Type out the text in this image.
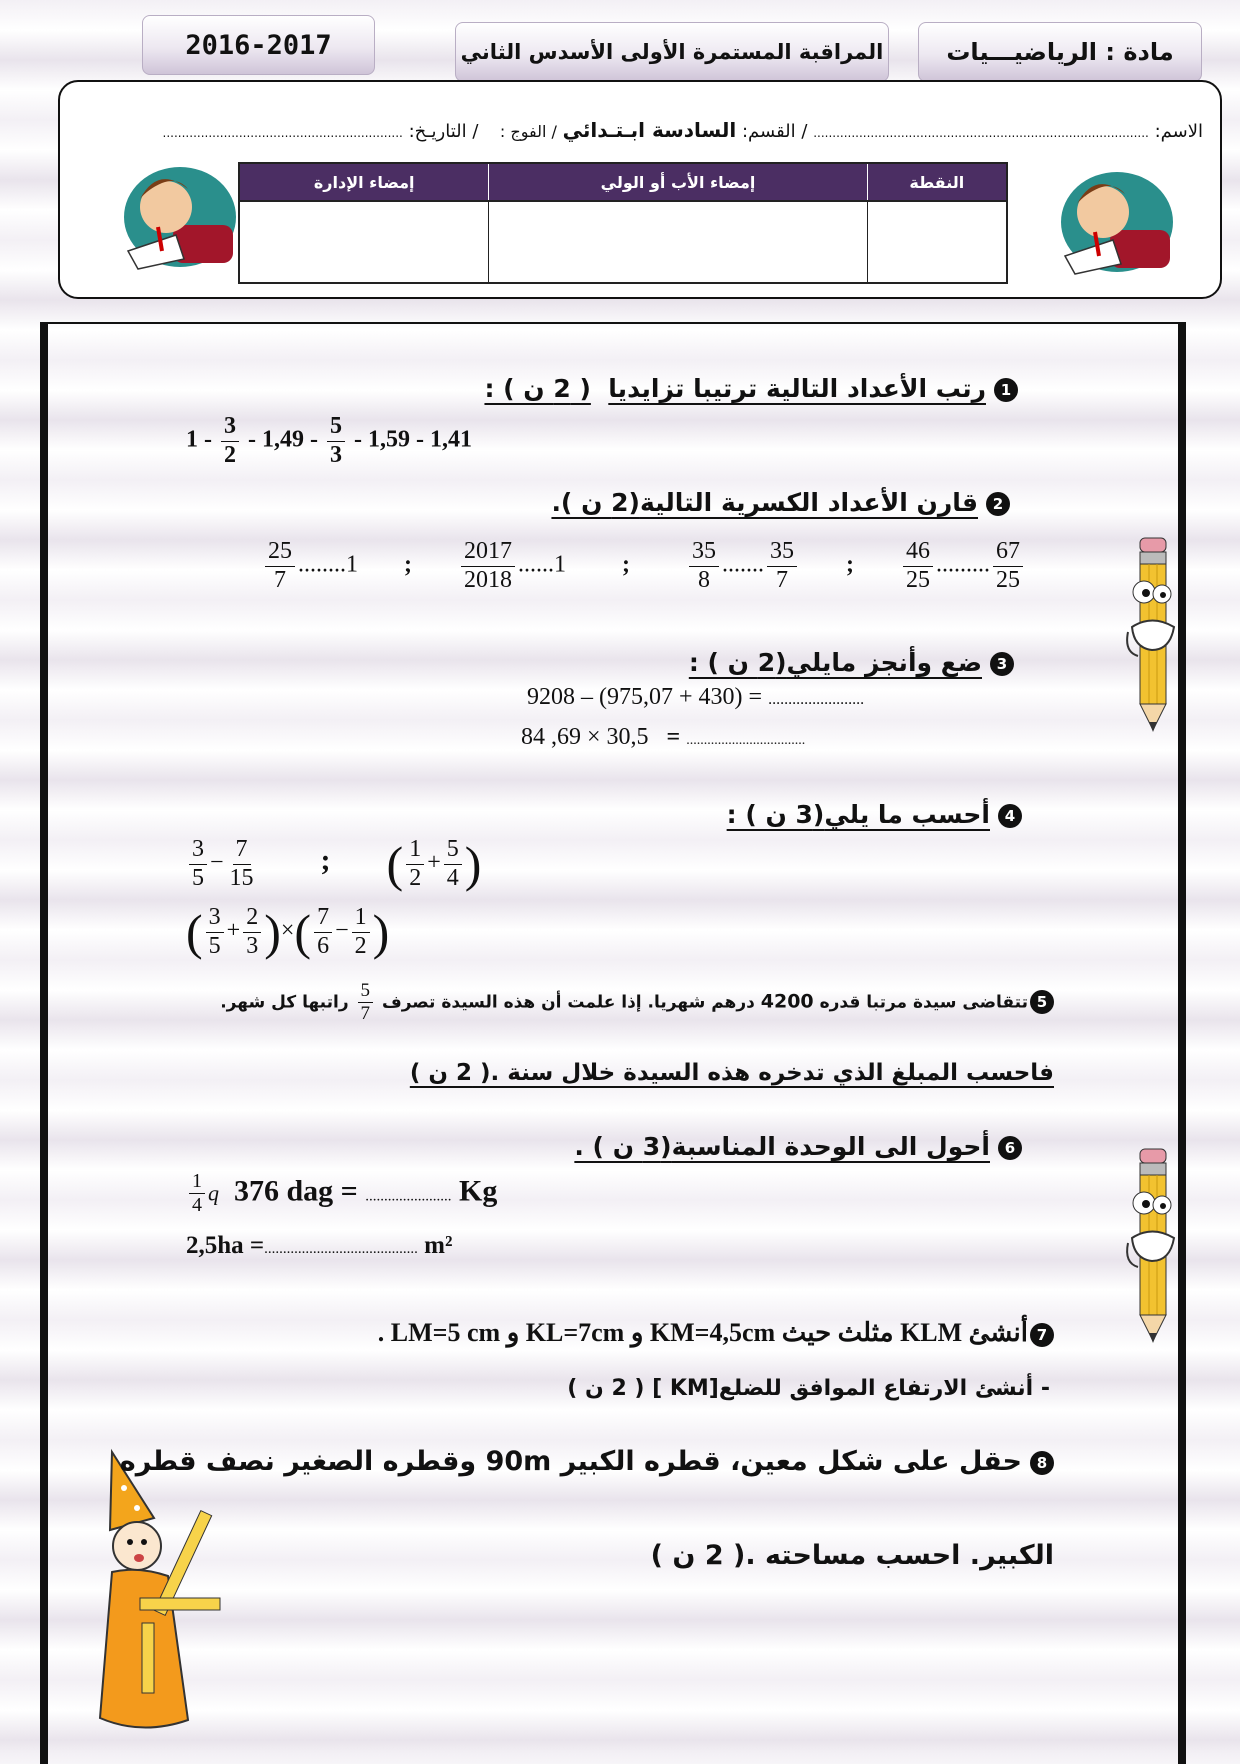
2016-2017	المراقبة المستمرة الأولى الأسدس الثاني	مادة : الرياضيـــيات
الاسم: ........................................................................................ / القسم: السادسة ابـتـدائي / الفوج :  / التاريـخ: ...............................................................
النقطة	إمضاء الأب أو الولي	إمضاء الإدارة

1رتب الأعداد التالية ترتيبا تزايديا  ( 2 ن ) :
$1 - \frac{3}{2} - 1,49 - \frac{5}{3} - 1,59 - 1,41$
2قارن الأعداد الكسرية التالية(2 ن ).
$\frac{25}{7} ........1$ ; $\frac{2017}{2018} ......1$ ; $\frac{35}{8}$ ....... $\frac{35}{7}$ ; $\frac{46}{25}$ ......... $\frac{67}{25}$
3ضع وأنجز مايلي(2 ن ) :
9208 – (975,07 + 430) = ........................
84 ,69 × 30,5 = ..................................
4أحسب ما يلي(3 ن ) :
$\frac{3}{5} - \frac{7}{15}$ ; ( $\frac{1}{2} + \frac{5}{4}$ )
( $\frac{3}{5} + \frac{2}{3}$ )×( $\frac{7}{6} - \frac{1}{2}$ )
5تتقاضى سيدة مرتبا قدره 4200 درهم شهريا. إذا علمت أن هذه السيدة تصرف
$\frac{5}{7}$
راتبها كل شهر.
فاحسب المبلغ الذي تدخره هذه السيدة خلال سنة .( 2 ن )
6أحول الى الوحدة المناسبة(3 ن ) .
$\frac{1}{4}$ q 376 dag = ....................... Kg
2,5ha =......................................... m²
7أنشئ KLM مثلث حيث KM=4,5cm و KL=7cm و LM=5 cm .
- أنشئ الارتفاع الموافق للضلع[KM ] ( 2 ن )
8حقل على شكل معين، قطره الكبير 90m وقطره الصغير نصف قطره
الكبير. احسب مساحته .( 2 ن )
